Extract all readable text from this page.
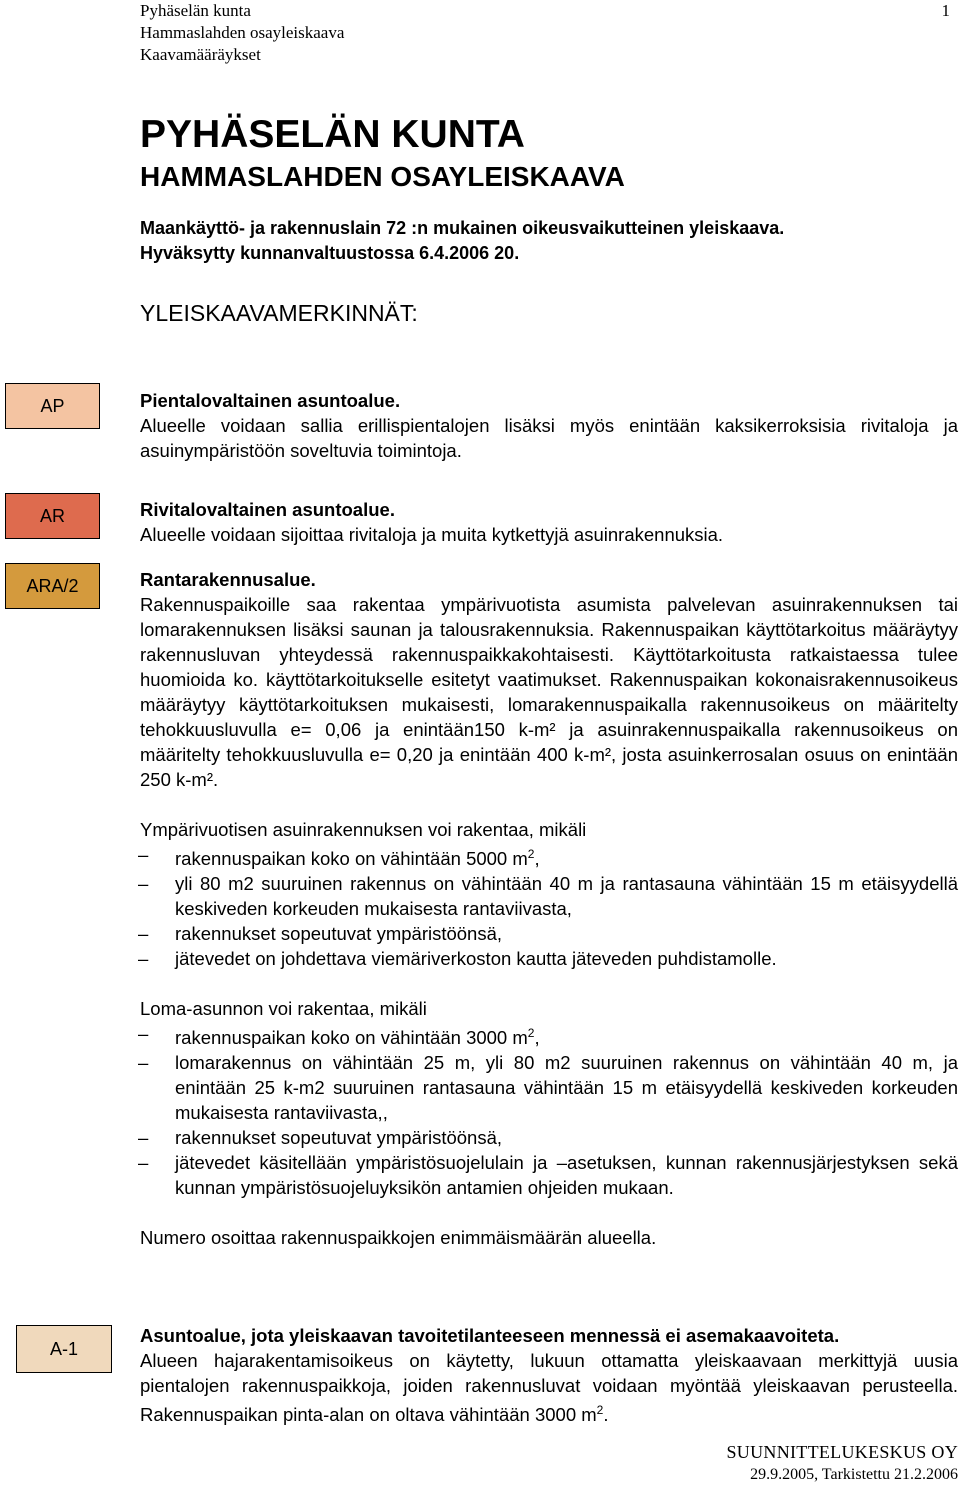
Pyhäselän kunta
Hammaslahden osayleiskaava
Kaavamääräykset
1
PYHÄSELÄN KUNTA
HAMMASLAHDEN OSAYLEISKAAVA
Maankäyttö- ja rakennuslain 72 :n mukainen oikeusvaikutteinen yleiskaava.
Hyväksytty kunnanvaltuustossa 6.4.2006 20.
YLEISKAAVAMERKINNÄT:
AP
AR
ARA/2
A-1

Pientalovaltainen asuntoalue.

Alueelle voidaan sallia erillispientalojen lisäksi myös enintään kaksikerroksisia rivitaloja ja asuinympäristöön soveltuvia toimintoja.

Rivitalovaltainen asuntoalue.

Alueelle voidaan sijoittaa rivitaloja ja muita kytkettyjä asuinrakennuksia.

Rantarakennusalue.

Rakennuspaikoille saa rakentaa ympärivuotista asumista palvelevan asuinrakennuksen tai lomarakennuksen lisäksi saunan ja talousrakennuksia. Rakennuspaikan käyttötarkoitus määräytyy rakennusluvan yhteydessä rakennuspaikkakohtaisesti. Käyttötarkoitusta ratkaistaessa tulee huomioida ko. käyttötarkoitukselle esitetyt vaatimukset. Rakennuspaikan kokonaisrakennusoikeus määräytyy käyttötarkoituksen mukaisesti, lomarakennuspaikalla rakennusoikeus on määritelty tehokkuusluvulla e= 0,06 ja enintään150 k-m² ja asuinrakennuspaikalla rakennusoikeus on määritelty tehokkuusluvulla e= 0,20 ja enintään 400 k-m², josta asuinkerrosalan osuus on enintään 250 k-m².

Ympärivuotisen asuinrakennuksen voi rakentaa, mikäli

– rakennuspaikan koko on vähintään 5000 $m^2$,
– yli 80 m2 suuruinen rakennus on vähintään 40 m ja rantasauna vähintään 15 m etäisyydellä keskiveden korkeuden mukaisesta rantaviivasta,
– rakennukset sopeutuvat ympäristöönsä,
– jätevedet on johdettava viemäriverkoston kautta jäteveden puhdistamolle.

Loma-asunnon voi rakentaa, mikäli

– rakennuspaikan koko on vähintään 3000 $m^2$,
– lomarakennus on vähintään 25 m, yli 80 m2 suuruinen rakennus on vähintään 40 m, ja enintään 25 k-m2 suuruinen rantasauna vähintään 15 m etäisyydellä keskiveden korkeuden mukaisesta rantaviivasta,,
– rakennukset sopeutuvat ympäristöönsä,
– jätevedet käsitellään ympäristösuojelulain ja –asetuksen, kunnan rakennusjärjestyksen sekä kunnan ympäristösuojeluyksikön antamien ohjeiden mukaan.

Numero osoittaa rakennuspaikkojen enimmäismäärän alueella.

Asuntoalue, jota yleiskaavan tavoitetilanteeseen mennessä ei asemakaavoiteta.

Alueen hajarakentamisoikeus on käytetty, lukuun ottamatta yleiskaavaan merkittyjä uusia pientalojen rakennuspaikkoja, joiden rakennusluvat voidaan myöntää yleiskaavan perusteella. Rakennuspaikan pinta-alan on oltava vähintään 3000 $m^2$.

SUUNNITTELUKESKUS OY
29.9.2005, Tarkistettu 21.2.2006
